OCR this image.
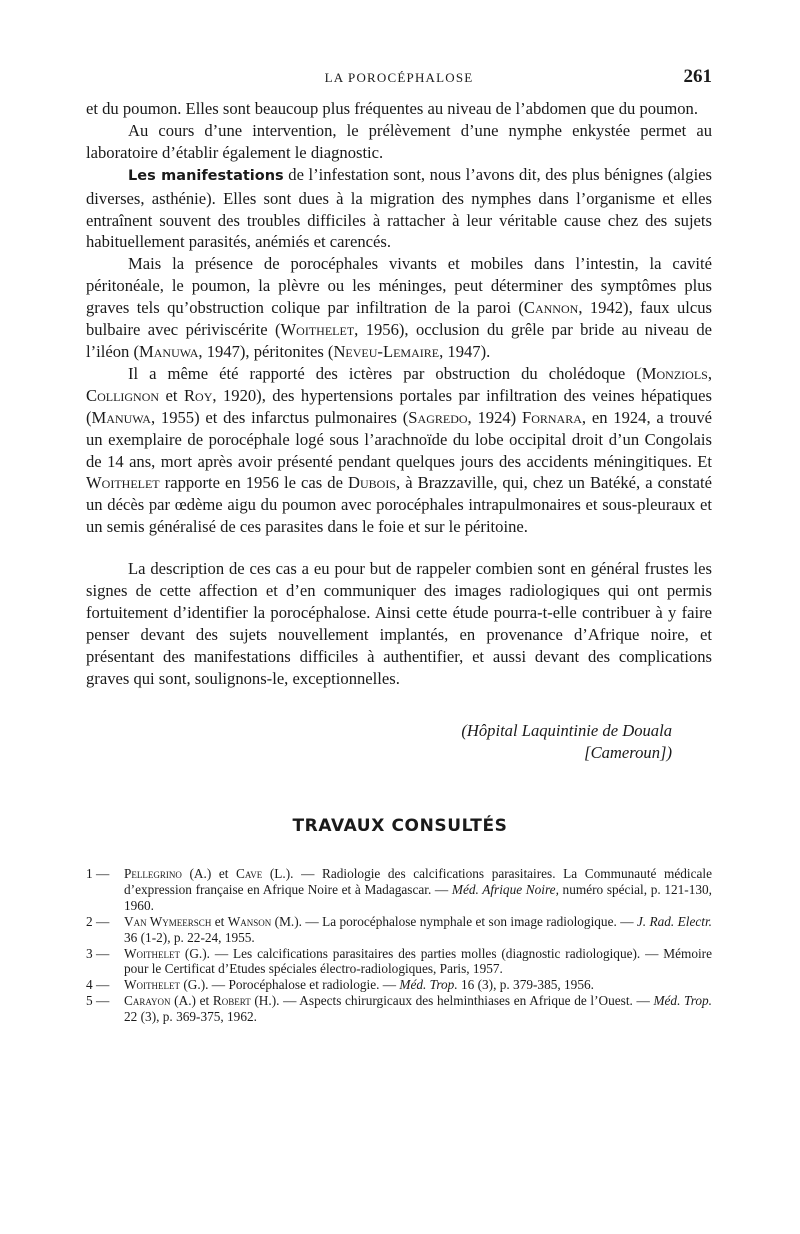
LA POROCÉPHALOSE	261

et du poumon. Elles sont beaucoup plus fréquentes au niveau de l’abdomen que du poumon.

Au cours d’une intervention, le prélèvement d’une nymphe enkystée permet au laboratoire d’établir également le diagnostic.

Les manifestations de l’infestation sont, nous l’avons dit, des plus bénignes (algies diverses, asthénie). Elles sont dues à la migration des nymphes dans l’organisme et elles entraînent souvent des troubles difficiles à rattacher à leur véritable cause chez des sujets habituellement parasités, anémiés et carencés.

Mais la présence de porocéphales vivants et mobiles dans l’intestin, la cavité péritonéale, le poumon, la plèvre ou les méninges, peut déterminer des symptômes plus graves tels qu’obstruction colique par infiltration de la paroi (Cannon, 1942), faux ulcus bulbaire avec périviscérite (Woithelet, 1956), occlusion du grêle par bride au niveau de l’iléon (Manuwa, 1947), péritonites (Neveu-Lemaire, 1947).

Il a même été rapporté des ictères par obstruction du cholédoque (Monziols, Collignon et Roy, 1920), des hypertensions portales par infiltration des veines hépatiques (Manuwa, 1955) et des infarctus pulmonaires (Sagredo, 1924) Fornara, en 1924, a trouvé un exemplaire de porocéphale logé sous l’arachnoïde du lobe occipital droit d’un Congolais de 14 ans, mort après avoir présenté pendant quelques jours des accidents méningitiques. Et Woithelet rapporte en 1956 le cas de Dubois, à Brazzaville, qui, chez un Batéké, a constaté un décès par œdème aigu du poumon avec porocéphales intrapulmonaires et sous-pleuraux et un semis généralisé de ces parasites dans le foie et sur le péritoine.

La description de ces cas a eu pour but de rappeler combien sont en général frustes les signes de cette affection et d’en communiquer des images radiologiques qui ont permis fortuitement d’identifier la porocéphalose. Ainsi cette étude pourra-t-elle contribuer à y faire penser devant des sujets nouvellement implantés, en provenance d’Afrique noire, et présentant des manifestations difficiles à authentifier, et aussi devant des complications graves qui sont, soulignons-le, exceptionnelles.

(Hôpital Laquintinie de Douala
[Cameroun])
TRAVAUX CONSULTÉS
1 — Pellegrino (A.) et Cave (L.). — Radiologie des calcifications parasitaires. La Communauté médicale d’expression française en Afrique Noire et à Madagascar. — Méd. Afrique Noire, numéro spécial, p. 121-130, 1960.
2 — Van Wymeersch et Wanson (M.). — La porocéphalose nymphale et son image radiologique. — J. Rad. Electr. 36 (1-2), p. 22-24, 1955.
3 — Woithelet (G.). — Les calcifications parasitaires des parties molles (diagnostic radiologique). — Mémoire pour le Certificat d’Etudes spéciales électro-radiologiques, Paris, 1957.
4 — Woithelet (G.). — Porocéphalose et radiologie. — Méd. Trop. 16 (3), p. 379-385, 1956.
5 — Carayon (A.) et Robert (H.). — Aspects chirurgicaux des helminthiases en Afrique de l’Ouest. — Méd. Trop. 22 (3), p. 369-375, 1962.
